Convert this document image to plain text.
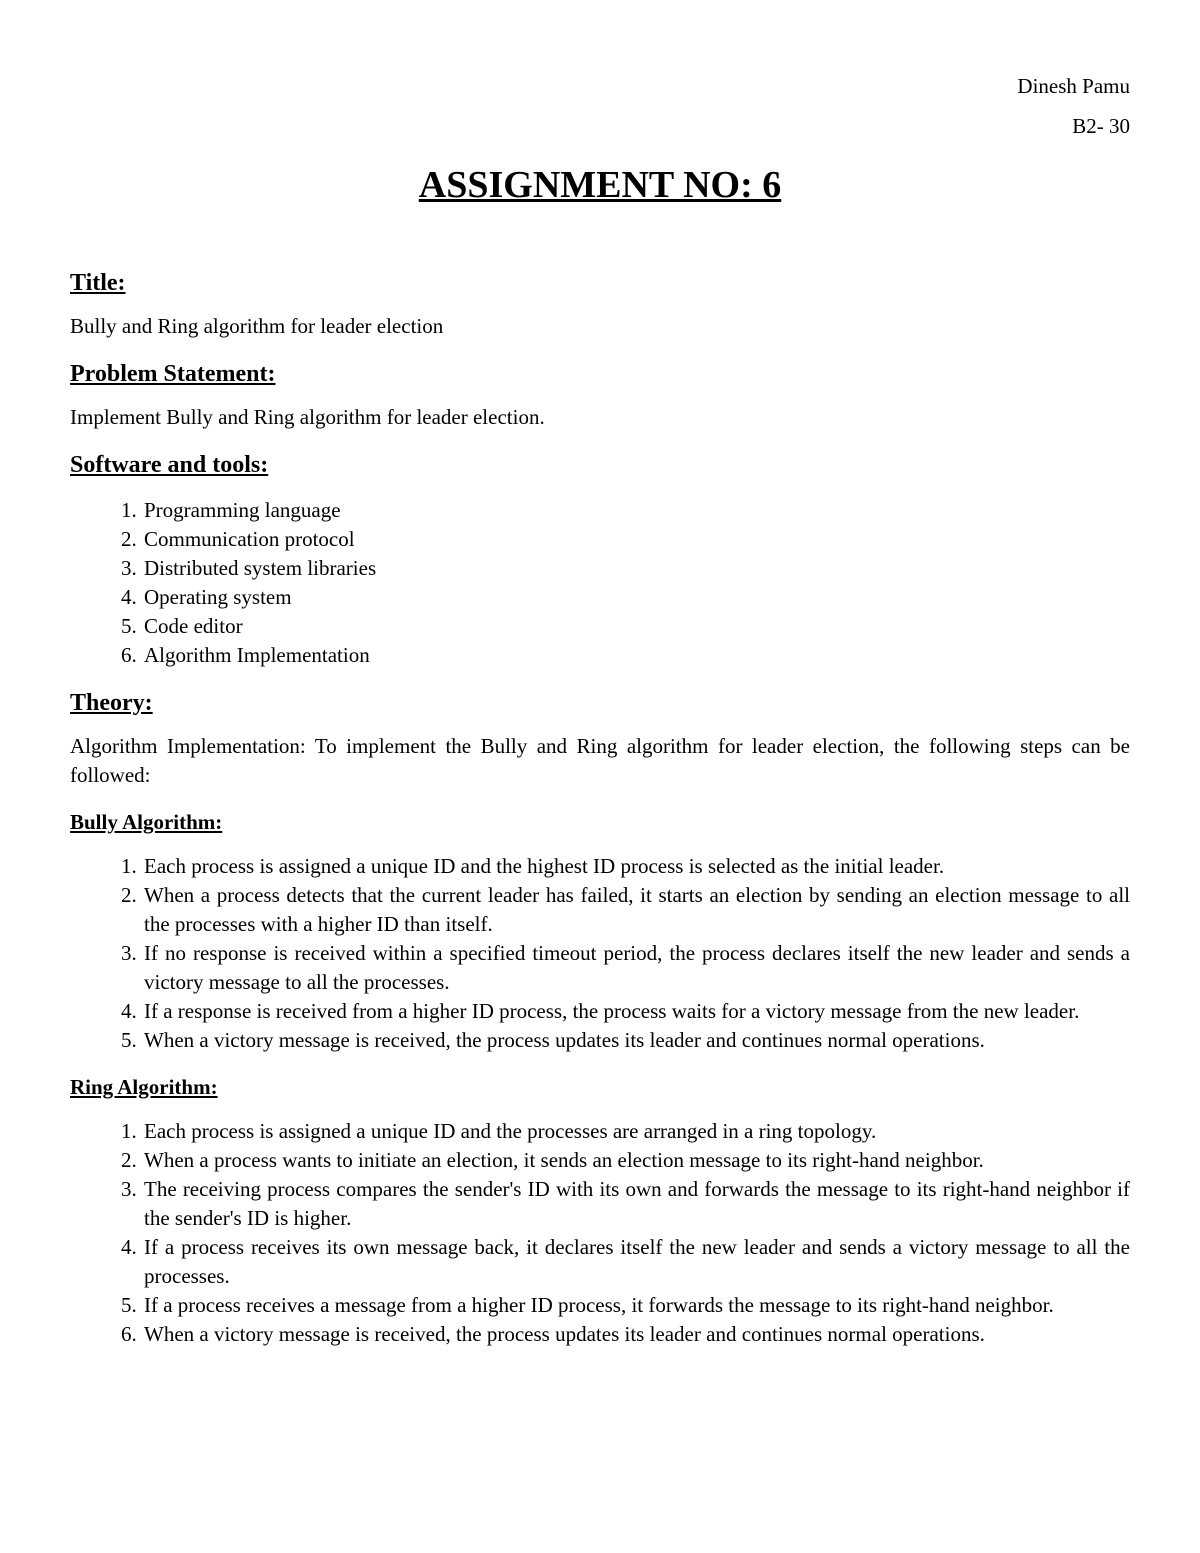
Dinesh Pamu

B2- 30

ASSIGNMENT NO: 6
Title:

Bully and Ring algorithm for leader election

Problem Statement:

Implement Bully and Ring algorithm for leader election.

Software and tools:
1. Programming language
2. Communication protocol
3. Distributed system libraries
4. Operating system
5. Code editor
6. Algorithm Implementation
Theory:

Algorithm Implementation: To implement the Bully and Ring algorithm for leader election, the following steps can be followed:

Bully Algorithm:
1. Each process is assigned a unique ID and the highest ID process is selected as the initial leader.
2. When a process detects that the current leader has failed, it starts an election by sending an election message to all the processes with a higher ID than itself.
3. If no response is received within a specified timeout period, the process declares itself the new leader and sends a victory message to all the processes.
4. If a response is received from a higher ID process, the process waits for a victory message from the new leader.
5. When a victory message is received, the process updates its leader and continues normal operations.
Ring Algorithm:
1. Each process is assigned a unique ID and the processes are arranged in a ring topology.
2. When a process wants to initiate an election, it sends an election message to its right-hand neighbor.
3. The receiving process compares the sender's ID with its own and forwards the message to its right-hand neighbor if the sender's ID is higher.
4. If a process receives its own message back, it declares itself the new leader and sends a victory message to all the processes.
5. If a process receives a message from a higher ID process, it forwards the message to its right-hand neighbor.
6. When a victory message is received, the process updates its leader and continues normal operations.
